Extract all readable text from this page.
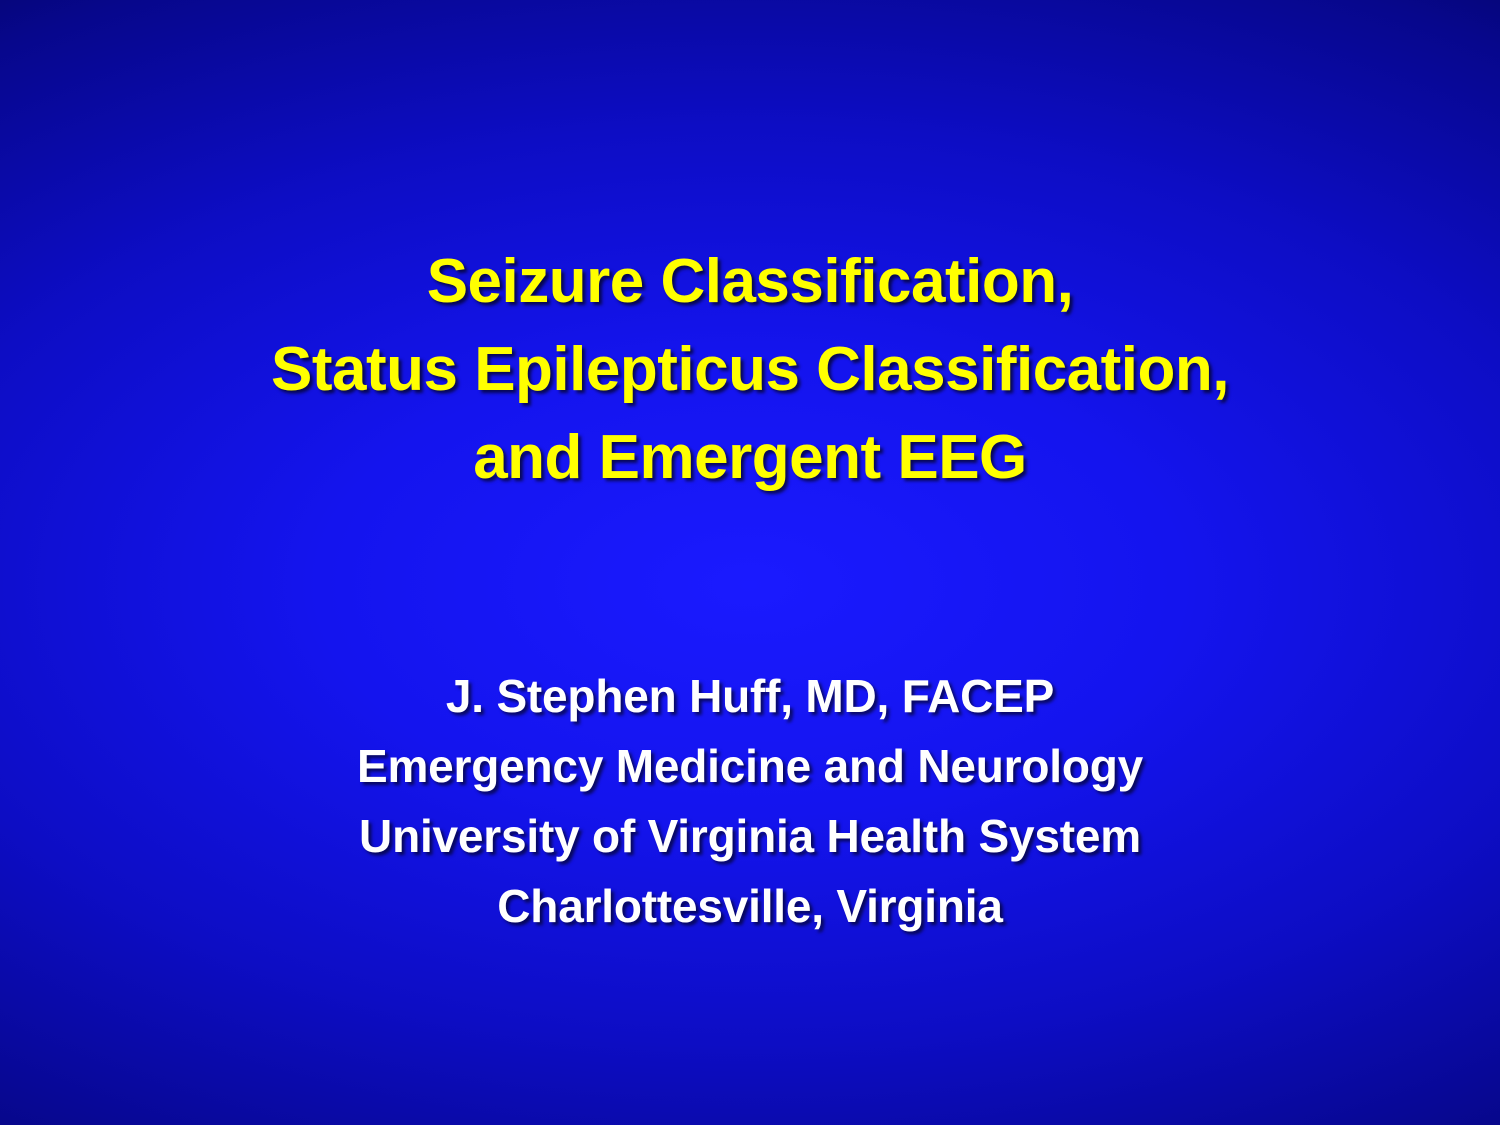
Seizure Classification,
Status Epilepticus Classification,
and Emergent EEG
J. Stephen Huff, MD, FACEP
Emergency Medicine and Neurology
University of Virginia Health System
Charlottesville, Virginia
